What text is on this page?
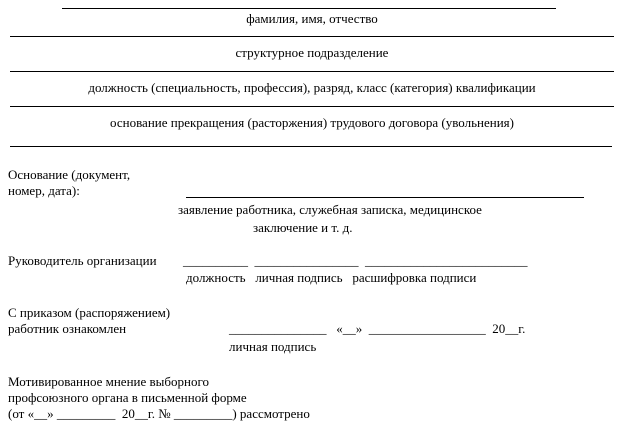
фамилия, имя, отчество
структурное подразделение
должность (специальность, профессия), разряд, класс (категория) квалификации
основание прекращения (расторжения) трудового договора (увольнения)
Основание (документ,
номер, дата):
заявление работника, служебная записка, медицинское
заключение и т. д.
Руководитель организации __________  ________________  _________________________
должность   личная подпись   расшифровка подписи
С приказом (распоряжением)
работник ознакомлен	_______________   «__»  __________________  20__г.
личная подпись
Мотивированное мнение выборного
профсоюзного органа в письменной форме
(от «__» _________  20__г. № _________) рассмотрено
